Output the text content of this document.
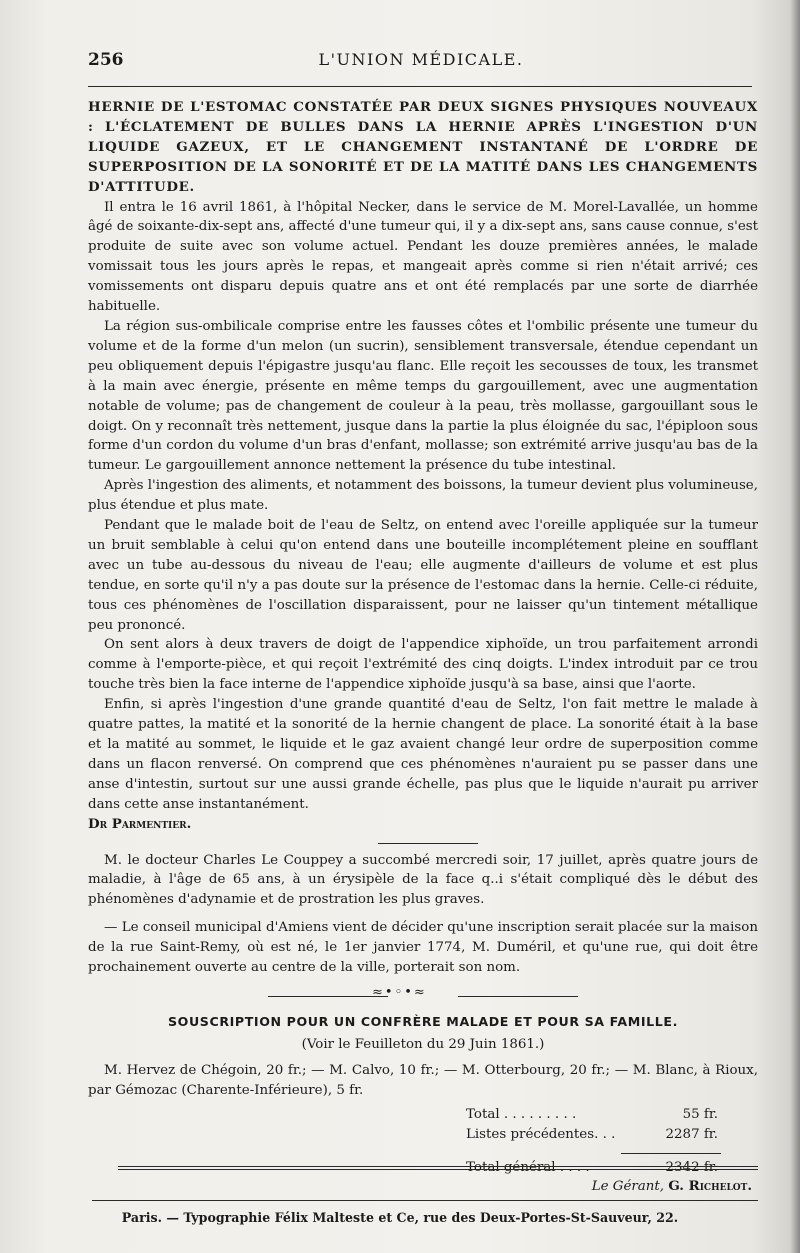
256	L'UNION MÉDICALE.

HERNIE DE L'ESTOMAC CONSTATÉE PAR DEUX SIGNES PHYSIQUES NOUVEAUX : L'ÉCLATEMENT DE BULLES DANS LA HERNIE APRÈS L'INGESTION D'UN LIQUIDE GAZEUX, ET LE CHANGEMENT INSTANTANÉ DE L'ORDRE DE SUPERPOSITION DE LA SONORITÉ ET DE LA MATITÉ DANS LES CHANGEMENTS D'ATTITUDE.

Il entra le 16 avril 1861, à l'hôpital Necker, dans le service de M. Morel-Lavallée, un homme âgé de soixante-dix-sept ans, affecté d'une tumeur qui, il y a dix-sept ans, sans cause connue, s'est produite de suite avec son volume actuel. Pendant les douze premières années, le malade vomissait tous les jours après le repas, et mangeait après comme si rien n'était arrivé; ces vomissements ont disparu depuis quatre ans et ont été remplacés par une sorte de diarrhée habituelle.

La région sus-ombilicale comprise entre les fausses côtes et l'ombilic présente une tumeur du volume et de la forme d'un melon (un sucrin), sensiblement transversale, étendue cependant un peu obliquement depuis l'épigastre jusqu'au flanc. Elle reçoit les secousses de toux, les transmet à la main avec énergie, présente en même temps du gargouillement, avec une augmentation notable de volume; pas de changement de couleur à la peau, très mollasse, gargouillant sous le doigt. On y reconnaît très nettement, jusque dans la partie la plus éloignée du sac, l'épiploon sous forme d'un cordon du volume d'un bras d'enfant, mollasse; son extrémité arrive jusqu'au bas de la tumeur. Le gargouillement annonce nettement la présence du tube intestinal.

Après l'ingestion des aliments, et notamment des boissons, la tumeur devient plus volumineuse, plus étendue et plus mate.

Pendant que le malade boit de l'eau de Seltz, on entend avec l'oreille appliquée sur la tumeur un bruit semblable à celui qu'on entend dans une bouteille incomplétement pleine en soufflant avec un tube au-dessous du niveau de l'eau; elle augmente d'ailleurs de volume et est plus tendue, en sorte qu'il n'y a pas doute sur la présence de l'estomac dans la hernie. Celle-ci réduite, tous ces phénomènes de l'oscillation disparaissent, pour ne laisser qu'un tintement métallique peu prononcé.

On sent alors à deux travers de doigt de l'appendice xiphoïde, un trou parfaitement arrondi comme à l'emporte-pièce, et qui reçoit l'extrémité des cinq doigts. L'index introduit par ce trou touche très bien la face interne de l'appendice xiphoïde jusqu'à sa base, ainsi que l'aorte.

Enfin, si après l'ingestion d'une grande quantité d'eau de Seltz, l'on fait mettre le malade à quatre pattes, la matité et la sonorité de la hernie changent de place. La sonorité était à la base et la matité au sommet, le liquide et le gaz avaient changé leur ordre de superposition comme dans un flacon renversé. On comprend que ces phénomènes n'auraient pu se passer dans une anse d'intestin, surtout sur une aussi grande échelle, pas plus que le liquide n'aurait pu arriver dans cette anse instantanément.

Dr Parmentier.

M. le docteur Charles Le Couppey a succombé mercredi soir, 17 juillet, après quatre jours de maladie, à l'âge de 65 ans, à un érysipèle de la face q..i s'était compliqué dès le début des phénomènes d'adynamie et de prostration les plus graves.

— Le conseil municipal d'Amiens vient de décider qu'une inscription serait placée sur la maison de la rue Saint-Remy, où est né, le 1er janvier 1774, M. Duméril, et qu'une rue, qui doit être prochainement ouverte au centre de la ville, porterait son nom.

≈•◦•≈
SOUSCRIPTION POUR UN CONFRÈRE MALADE ET POUR SA FAMILLE.

(Voir le Feuilleton du 29 Juin 1861.)

M. Hervez de Chégoin, 20 fr.; — M. Calvo, 10 fr.; — M. Otterbourg, 20 fr.; — M. Blanc, à Rioux, par Gémozac (Charente-Inférieure), 5 fr.

Total . . . . . . . . .	55 fr.
Listes précédentes. . .	2287 fr.
Total général . . . .	2342 fr.
Le Gérant, G. Richelot.
Paris. — Typographie Félix Malteste et Ce, rue des Deux-Portes-St-Sauveur, 22.
